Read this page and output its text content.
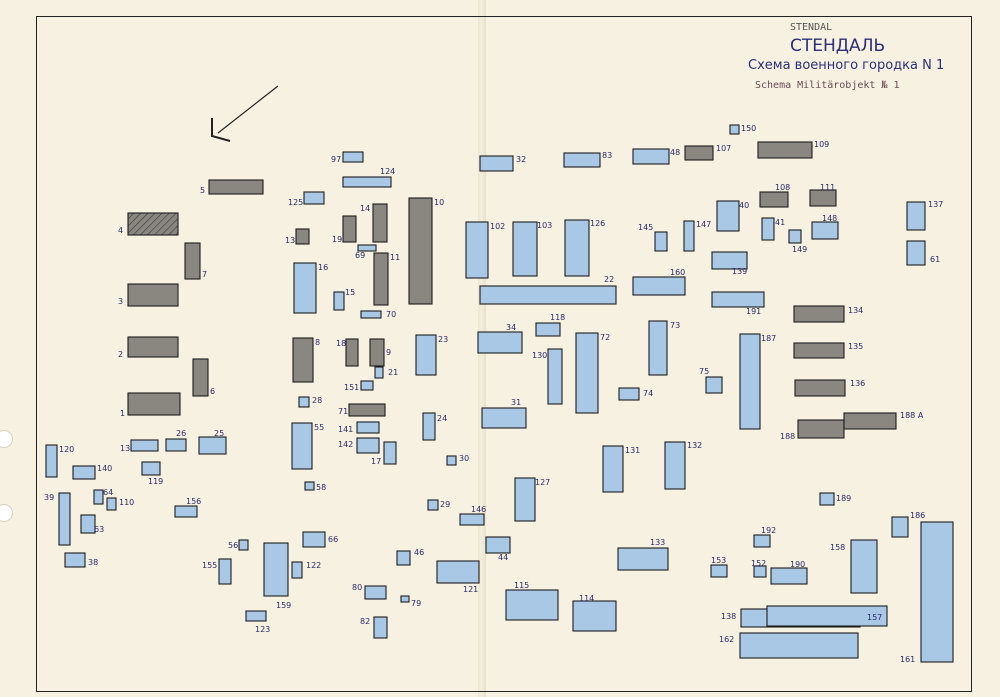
5
4
7
3
2
6
1
97
124
125
14
10
13	19
69
16
11
15
70
8 18
9
21
23
151
28
71
141
55
142
17
24
30
58
120
140
13
26	25
119
39
64
110
63
156
38
56
66
155	122
159
123
46
80
79
82
29
146
44
121
32	83	48	107
150
109
102	103	126	145	147
40
108	111
41	148
149
139
22
160
191
34
118
130
72
73
187
75
74
31
131
132
127
133
115
114
137
61
134
135
136
188
188 A
189
192
186
158
153	152	190
138	157
162
161
STENDAL
СТЕНДАЛЬ
Схема военного городка N 1
Schema Militärobjekt № 1
